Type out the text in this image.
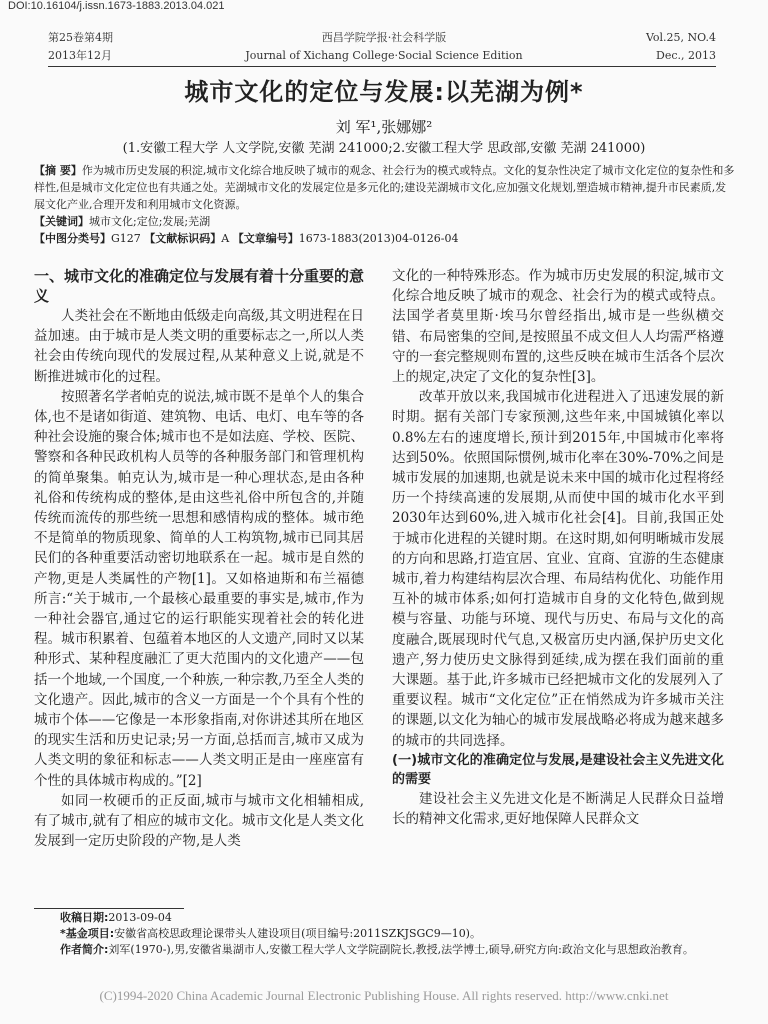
DOI:10.16104/j.issn.1673-1883.2013.04.021
第25卷第4期
2013年12月
西昌学院学报·社会科学版
Journal of Xichang College·Social Science Edition
Vol.25, NO.4
Dec., 2013
城市文化的定位与发展:以芜湖为例*
刘 军¹,张娜娜²
(1.安徽工程大学 人文学院,安徽 芜湖 241000;2.安徽工程大学 思政部,安徽 芜湖 241000)
【摘 要】作为城市历史发展的积淀,城市文化综合地反映了城市的观念、社会行为的模式或特点。文化的复杂性决定了城市文化定位的复杂性和多样性,但是城市文化定位也有共通之处。芜湖城市文化的发展定位是多元化的;建设芜湖城市文化,应加强文化规划,塑造城市精神,提升市民素质,发展文化产业,合理开发和利用城市文化资源。
【关键词】城市文化;定位;发展;芜湖
【中图分类号】G127 【文献标识码】A 【文章编号】1673-1883(2013)04-0126-04
一、城市文化的准确定位与发展有着十分重要的意义

人类社会在不断地由低级走向高级,其文明进程在日益加速。由于城市是人类文明的重要标志之一,所以人类社会由传统向现代的发展过程,从某种意义上说,就是不断推进城市化的过程。

按照著名学者帕克的说法,城市既不是单个人的集合体,也不是诸如街道、建筑物、电话、电灯、电车等的各种社会设施的聚合体;城市也不是如法庭、学校、医院、警察和各种民政机构人员等的各种服务部门和管理机构的简单聚集。帕克认为,城市是一种心理状态,是由各种礼俗和传统构成的整体,是由这些礼俗中所包含的,并随传统而流传的那些统一思想和感情构成的整体。城市绝不是简单的物质现象、简单的人工构筑物,城市已同其居民们的各种重要活动密切地联系在一起。城市是自然的产物,更是人类属性的产物[1]。又如格迪斯和布兰福德所言:“关于城市,一个最核心最重要的事实是,城市,作为一种社会器官,通过它的运行职能实现着社会的转化进程。城市积累着、包蕴着本地区的人文遗产,同时又以某种形式、某种程度融汇了更大范围内的文化遗产——包括一个地域,一个国度,一个种族,一种宗教,乃至全人类的文化遗产。因此,城市的含义一方面是一个个具有个性的城市个体——它像是一本形象指南,对你讲述其所在地区的现实生活和历史记录;另一方面,总括而言,城市又成为人类文明的象征和标志——人类文明正是由一座座富有个性的具体城市构成的。”[2]

如同一枚硬币的正反面,城市与城市文化相辅相成,有了城市,就有了相应的城市文化。城市文化是人类文化发展到一定历史阶段的产物,是人类

文化的一种特殊形态。作为城市历史发展的积淀,城市文化综合地反映了城市的观念、社会行为的模式或特点。法国学者莫里斯·埃马尔曾经指出,城市是一些纵横交错、布局密集的空间,是按照虽不成文但人人均需严格遵守的一套完整规则布置的,这些反映在城市生活各个层次上的规定,决定了文化的复杂性[3]。

改革开放以来,我国城市化进程进入了迅速发展的新时期。据有关部门专家预测,这些年来,中国城镇化率以0.8%左右的速度增长,预计到2015年,中国城市化率将达到50%。依照国际惯例,城市化率在30%-70%之间是城市发展的加速期,也就是说未来中国的城市化过程将经历一个持续高速的发展期,从而使中国的城市化水平到2030年达到60%,进入城市化社会[4]。目前,我国正处于城市化进程的关键时期。在这时期,如何明晰城市发展的方向和思路,打造宜居、宜业、宜商、宜游的生态健康城市,着力构建结构层次合理、布局结构优化、功能作用互补的城市体系;如何打造城市自身的文化特色,做到规模与容量、功能与环境、现代与历史、布局与文化的高度融合,既展现时代气息,又极富历史内涵,保护历史文化遗产,努力使历史文脉得到延续,成为摆在我们面前的重大课题。基于此,许多城市已经把城市文化的发展列入了重要议程。城市“文化定位”正在悄然成为许多城市关注的课题,以文化为轴心的城市发展战略必将成为越来越多的城市的共同选择。

(一)城市文化的准确定位与发展,是建设社会主义先进文化的需要

建设社会主义先进文化是不断满足人民群众日益增长的精神文化需求,更好地保障人民群众文

收稿日期:2013-09-04
*基金项目:安徽省高校思政理论课带头人建设项目(项目编号:2011SZKJSGC9—10)。
作者简介:刘军(1970-),男,安徽省巢湖市人,安徽工程大学人文学院副院长,教授,法学博士,硕导,研究方向:政治文化与思想政治教育。
(C)1994-2020 China Academic Journal Electronic Publishing House. All rights reserved. http://www.cnki.net
